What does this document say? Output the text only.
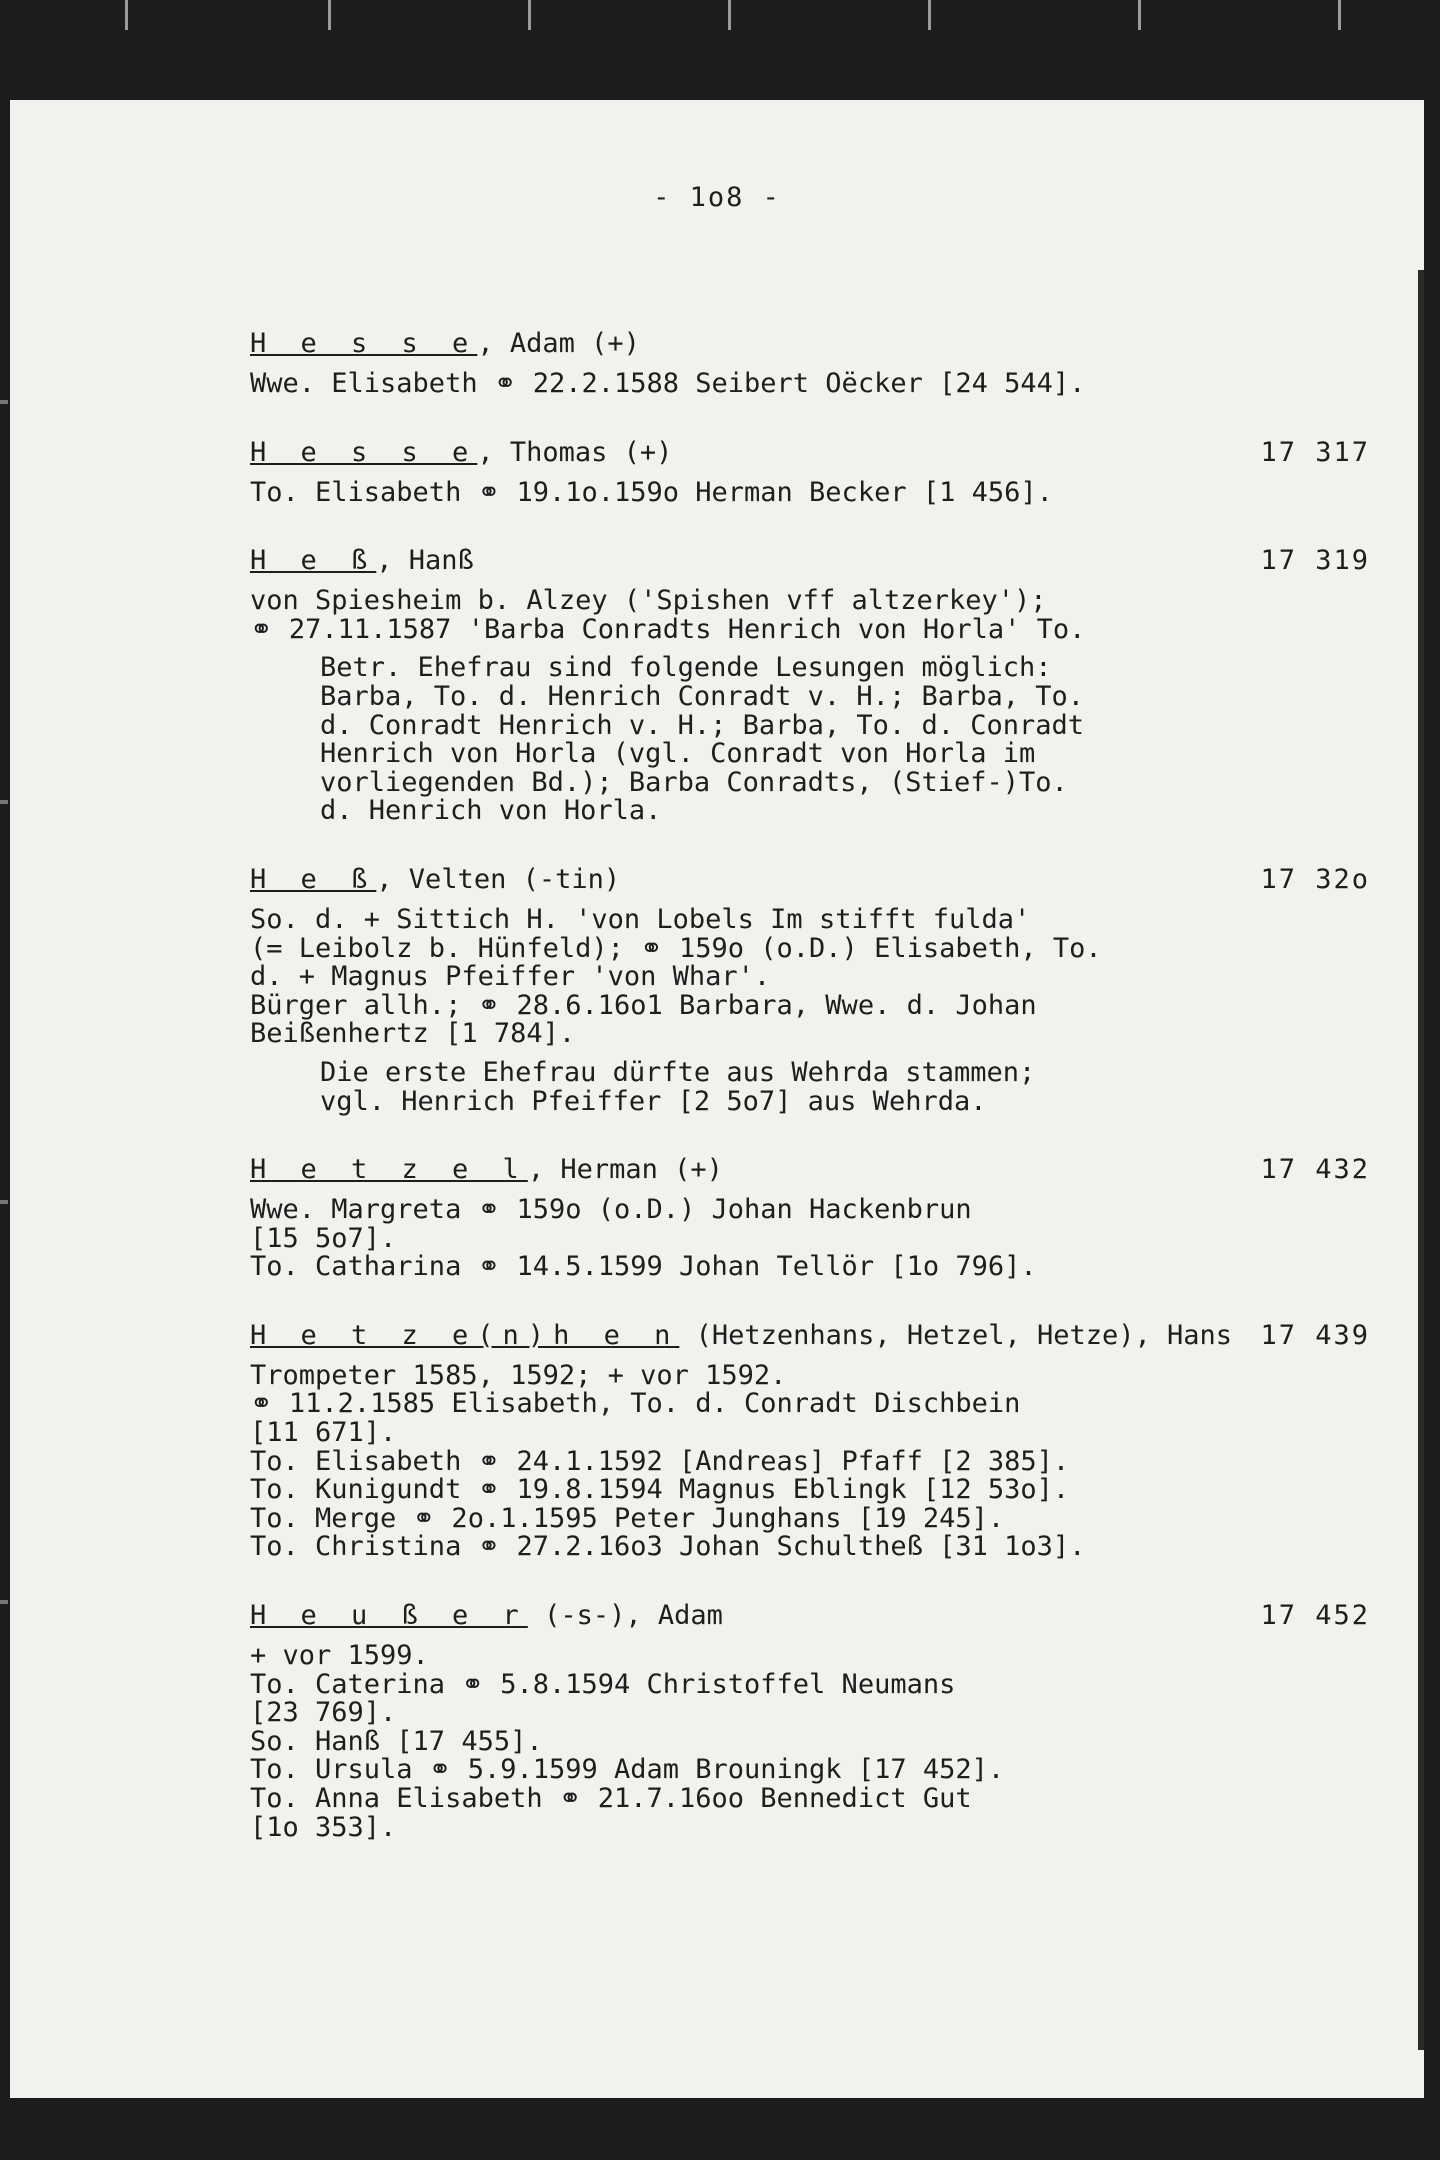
- 1o8 -
H e s s e, Adam (+)
Wwe. Elisabeth ⚭ 22.2.1588 Seibert Oëcker [24 544].
H e s s e, Thomas (+)	17 317
To. Elisabeth ⚭ 19.1o.159o Herman Becker [1 456].
H e ß, Hanß	17 319
von Spiesheim b. Alzey ('Spishen vff altzerkey');
⚭ 27.11.1587 'Barba Conradts Henrich von Horla' To.
Betr. Ehefrau sind folgende Lesungen möglich:
Barba, To. d. Henrich Conradt v. H.; Barba, To.
d. Conradt Henrich v. H.; Barba, To. d. Conradt
Henrich von Horla (vgl. Conradt von Horla im
vorliegenden Bd.); Barba Conradts, (Stief-)To.
d. Henrich von Horla.
H e ß, Velten (-tin)	17 32o
So. d. + Sittich H. 'von Lobels Im stifft fulda'
(= Leibolz b. Hünfeld); ⚭ 159o (o.D.) Elisabeth, To.
d. + Magnus Pfeiffer 'von Whar'.
Bürger allh.; ⚭ 28.6.16o1 Barbara, Wwe. d. Johan
Beißenhertz [1 784].
Die erste Ehefrau dürfte aus Wehrda stammen;
vgl. Henrich Pfeiffer [2 5o7] aus Wehrda.
H e t z e l, Herman (+)	17 432
Wwe. Margreta ⚭ 159o (o.D.) Johan Hackenbrun
[15 5o7].
To. Catharina ⚭ 14.5.1599 Johan Tellör [1o 796].
H e t z e(n)h e n (Hetzenhans, Hetzel, Hetze), Hans 17 439
Trompeter 1585, 1592; + vor 1592.
⚭ 11.2.1585 Elisabeth, To. d. Conradt Dischbein
[11 671].
To. Elisabeth ⚭ 24.1.1592 [Andreas] Pfaff [2 385].
To. Kunigundt ⚭ 19.8.1594 Magnus Eblingk [12 53o].
To. Merge ⚭ 2o.1.1595 Peter Junghans [19 245].
To. Christina ⚭ 27.2.16o3 Johan Schultheß [31 1o3].
H e u ß e r (-s-), Adam	17 452
+ vor 1599.
To. Caterina ⚭ 5.8.1594 Christoffel Neumans
[23 769].
So. Hanß [17 455].
To. Ursula ⚭ 5.9.1599 Adam Brouningk [17 452].
To. Anna Elisabeth ⚭ 21.7.16oo Bennedict Gut
[1o 353].
